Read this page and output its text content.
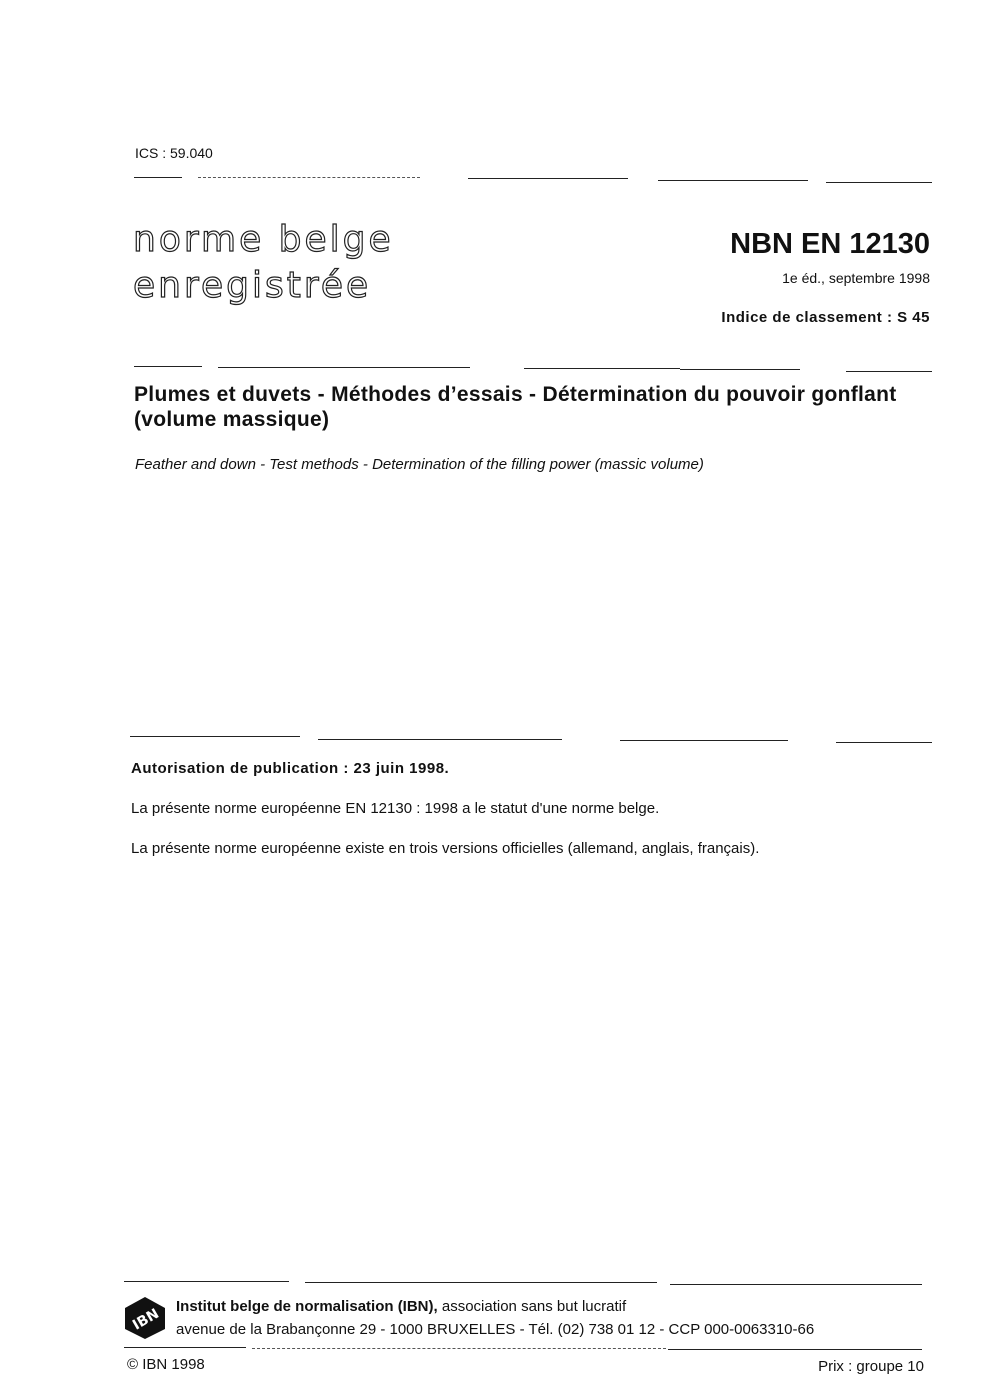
ICS : 59.040
norme belge
enregistrée
NBN EN 12130
1e éd., septembre 1998
Indice de classement : S 45
Plumes et duvets - Méthodes d’essais - Détermination du pouvoir gonflant (volume massique)
Feather and down - Test methods - Determination of the filling power (massic volume)
Autorisation de publication : 23 juin 1998.
La présente norme européenne EN 12130 : 1998 a le statut d'une norme belge.
La présente norme européenne existe en trois versions officielles (allemand, anglais, français).
IBN Institut belge de normalisation (IBN), association sans but lucratif
avenue de la Brabançonne 29 - 1000 BRUXELLES - Tél. (02) 738 01 12 - CCP 000-0063310-66
© IBN 1998	Prix : groupe 10
